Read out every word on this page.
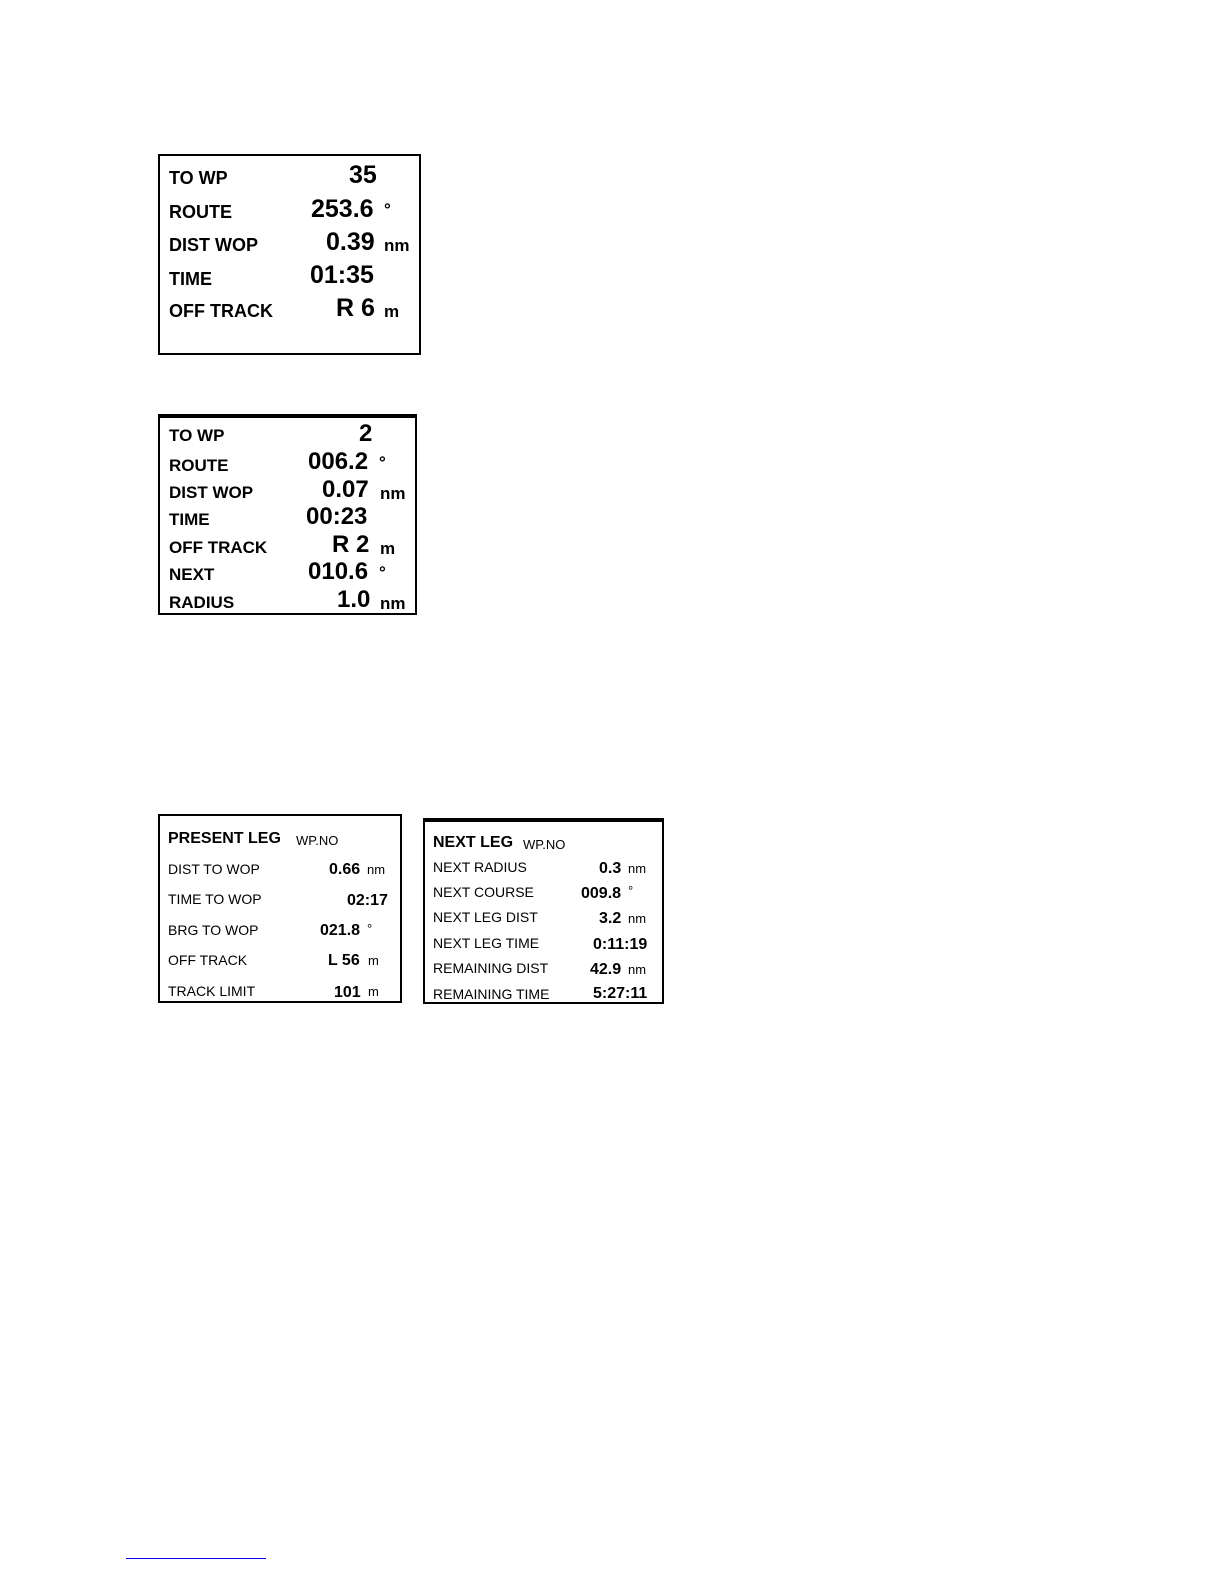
TO WP	35
ROUTE	253.6 °
DIST WOP	0.39 nm
TIME	01:35
OFF TRACK	R 6 m
TO WP	2
ROUTE	006.2 °
DIST WOP	0.07 nm
TIME	00:23
OFF TRACK	R 2 m
NEXT	010.6 °
RADIUS	1.0 nm
PRESENT LEG WP.NO
DIST TO WOP	0.66 nm
TIME TO WOP	02:17
BRG TO WOP	021.8 °
OFF TRACK	L 56 m
TRACK LIMIT	101 m
NEXT LEG WP.NO
NEXT RADIUS	0.3 nm
NEXT COURSE	009.8 °
NEXT LEG DIST	3.2 nm
NEXT LEG TIME	0:11:19
REMAINING DIST	42.9 nm
REMAINING TIME	5:27:11
